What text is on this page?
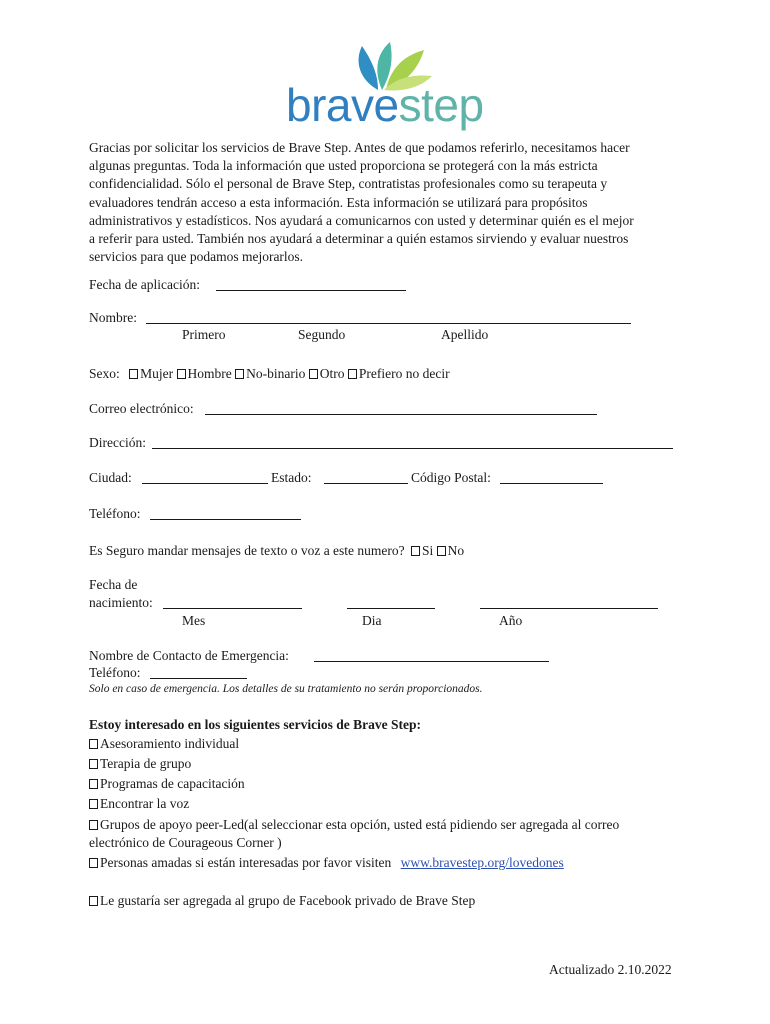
bravestep
Gracias por solicitar los servicios de Brave Step. Antes de que podamos referirlo, necesitamos hacer
algunas preguntas. Toda la información que usted proporciona se protegerá con la más estricta
confidencialidad. Sólo el personal de Brave Step, contratistas profesionales como su terapeuta y
evaluadores tendrán acceso a esta información. Esta información se utilizará para propósitos
administrativos y estadísticos. Nos ayudará a comunicarnos con usted y determinar quién es el mejor
a referir para usted. También nos ayudará a determinar a quién estamos sirviendo y evaluar nuestros
servicios para que podamos mejorarlos.
Fecha de aplicación:
Nombre:
Primero	Segundo	Apellido
Sexo: Mujer Hombre No-binario Otro Prefiero no decir
Correo electrónico:
Dirección:
Ciudad:	Estado:	Código Postal:
Teléfono:
Es Seguro mandar mensajes de texto o voz a este numero? Si No
Fecha de
nacimiento:
Mes	Dia	Año
Nombre de Contacto de Emergencia:
Teléfono:
Solo en caso de emergencia. Los detalles de su tratamiento no serán proporcionados.
Estoy interesado en los siguientes servicios de Brave Step:
Asesoramiento individual
Terapia de grupo
Programas de capacitación
Encontrar la voz
Grupos de apoyo peer-Led(al seleccionar esta opción, usted está pidiendo ser agregada al correo
electrónico de Courageous Corner )
Personas amadas si están interesadas por favor visiten www.bravestep.org/lovedones
Le gustaría ser agregada al grupo de Facebook privado de Brave Step
Actualizado 2.10.2022
